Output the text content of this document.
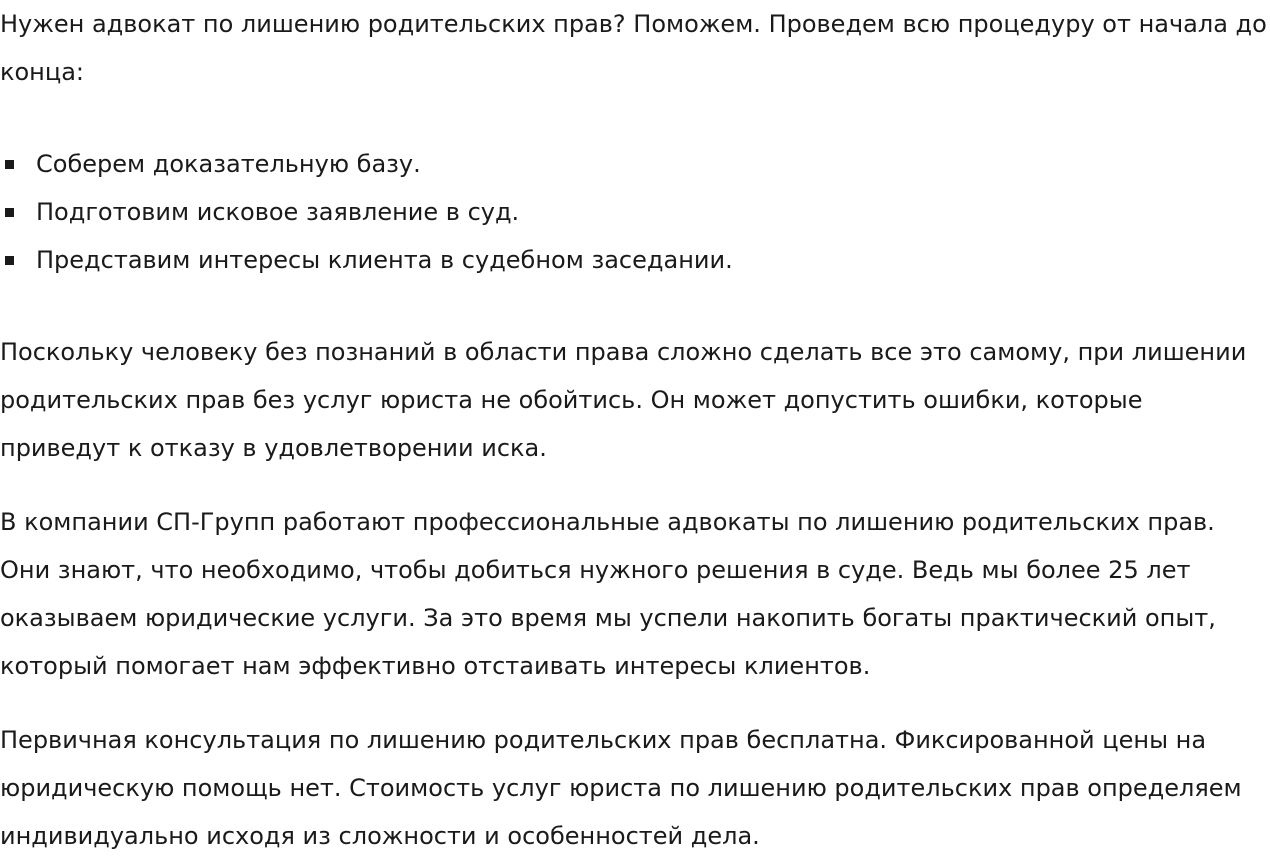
Нужен адвокат по лишению родительских прав? Поможем. Проведем всю процедуру от начала до конца:

Соберем доказательную базу.
Подготовим исковое заявление в суд.
Представим интересы клиента в судебном заседании.

Поскольку человеку без познаний в области права сложно сделать все это самому, при лишении родительских прав без услуг юриста не обойтись. Он может допустить ошибки, которые приведут к отказу в удовлетворении иска.

В компании СП-Групп работают профессиональные адвокаты по лишению родительских прав. Они знают, что необходимо, чтобы добиться нужного решения в суде. Ведь мы более 25 лет оказываем юридические услуги. За это время мы успели накопить богаты практический опыт, который помогает нам эффективно отстаивать интересы клиентов.

Первичная консультация по лишению родительских прав бесплатна. Фиксированной цены на юридическую помощь нет. Стоимость услуг юриста по лишению родительских прав определяем индивидуально исходя из сложности и особенностей дела.
